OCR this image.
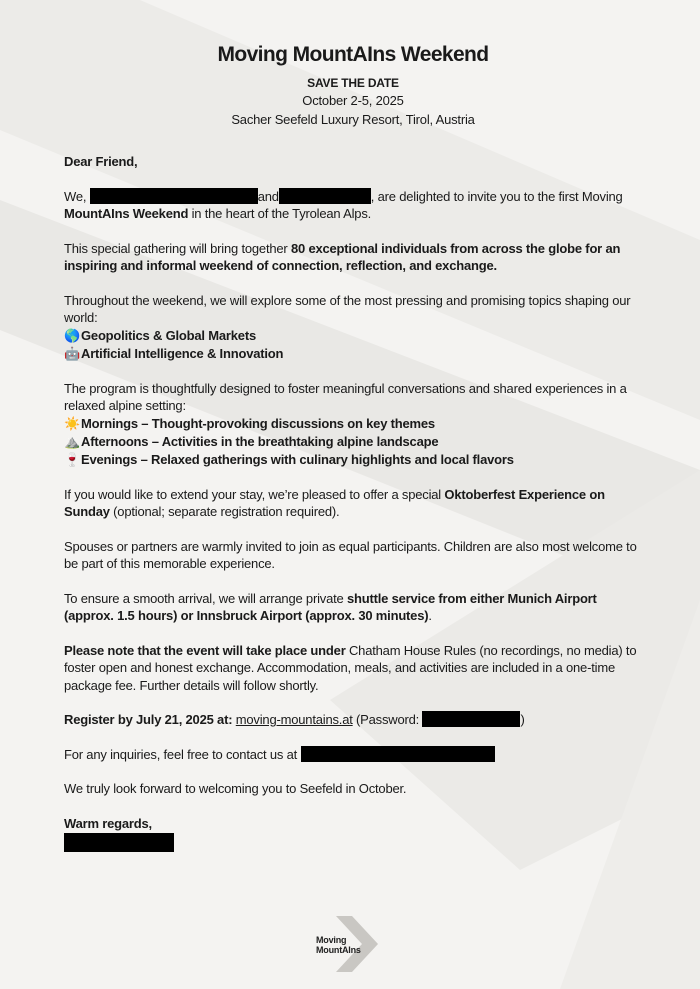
Moving MountAIns Weekend
SAVE THE DATE
October 2-5, 2025
Sacher Seefeld Luxury Resort, Tirol, Austria

Dear Friend,

We,	and	, are delighted to invite you to the first Moving MountAIns Weekend in the heart of the Tyrolean Alps.

This special gathering will bring together 80 exceptional individuals from across the globe for an inspiring and informal weekend of connection, reflection, and exchange.

Throughout the weekend, we will explore some of the most pressing and promising topics shaping our world:

🌎Geopolitics & Global Markets
🤖Artificial Intelligence & Innovation

The program is thoughtfully designed to foster meaningful conversations and shared experiences in a relaxed alpine setting:

☀️Mornings – Thought-provoking discussions on key themes
⛰️Afternoons – Activities in the breathtaking alpine landscape
🍷Evenings – Relaxed gatherings with culinary highlights and local flavors

If you would like to extend your stay, we’re pleased to offer a special Oktoberfest Experience on Sunday (optional; separate registration required).

Spouses or partners are warmly invited to join as equal participants. Children are also most welcome to be part of this memorable experience.

To ensure a smooth arrival, we will arrange private shuttle service from either Munich Airport (approx. 1.5 hours) or Innsbruck Airport (approx. 30 minutes).

Please note that the event will take place under Chatham House Rules (no recordings, no media) to foster open and honest exchange. Accommodation, meals, and activities are included in a one-time package fee. Further details will follow shortly.

Register by July 21, 2025 at: moving-mountains.at (Password:	)

For any inquiries, feel free to contact us at

We truly look forward to welcoming you to Seefeld in October.

Warm regards,

Moving
MountAIns
